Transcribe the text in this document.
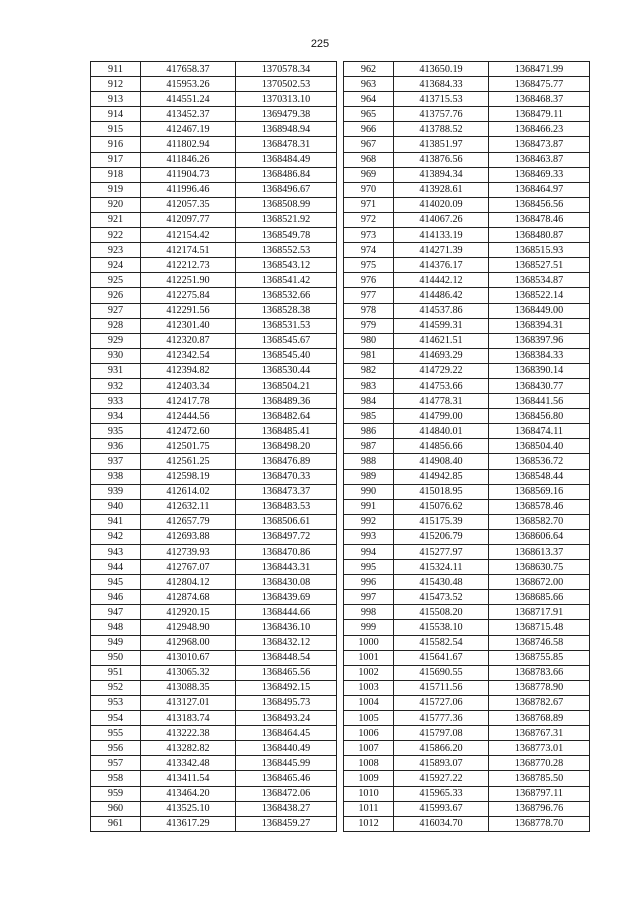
225
911	417658.37	1370578.34
912	415953.26	1370502.53
913	414551.24	1370313.10
914	413452.37	1369479.38
915	412467.19	1368948.94
916	411802.94	1368478.31
917	411846.26	1368484.49
918	411904.73	1368486.84
919	411996.46	1368496.67
920	412057.35	1368508.99
921	412097.77	1368521.92
922	412154.42	1368549.78
923	412174.51	1368552.53
924	412212.73	1368543.12
925	412251.90	1368541.42
926	412275.84	1368532.66
927	412291.56	1368528.38
928	412301.40	1368531.53
929	412320.87	1368545.67
930	412342.54	1368545.40
931	412394.82	1368530.44
932	412403.34	1368504.21
933	412417.78	1368489.36
934	412444.56	1368482.64
935	412472.60	1368485.41
936	412501.75	1368498.20
937	412561.25	1368476.89
938	412598.19	1368470.33
939	412614.02	1368473.37
940	412632.11	1368483.53
941	412657.79	1368506.61
942	412693.88	1368497.72
943	412739.93	1368470.86
944	412767.07	1368443.31
945	412804.12	1368430.08
946	412874.68	1368439.69
947	412920.15	1368444.66
948	412948.90	1368436.10
949	412968.00	1368432.12
950	413010.67	1368448.54
951	413065.32	1368465.56
952	413088.35	1368492.15
953	413127.01	1368495.73
954	413183.74	1368493.24
955	413222.38	1368464.45
956	413282.82	1368440.49
957	413342.48	1368445.99
958	413411.54	1368465.46
959	413464.20	1368472.06
960	413525.10	1368438.27
961	413617.29	1368459.27
962	413650.19	1368471.99
963	413684.33	1368475.77
964	413715.53	1368468.37
965	413757.76	1368479.11
966	413788.52	1368466.23
967	413851.97	1368473.87
968	413876.56	1368463.87
969	413894.34	1368469.33
970	413928.61	1368464.97
971	414020.09	1368456.56
972	414067.26	1368478.46
973	414133.19	1368480.87
974	414271.39	1368515.93
975	414376.17	1368527.51
976	414442.12	1368534.87
977	414486.42	1368522.14
978	414537.86	1368449.00
979	414599.31	1368394.31
980	414621.51	1368397.96
981	414693.29	1368384.33
982	414729.22	1368390.14
983	414753.66	1368430.77
984	414778.31	1368441.56
985	414799.00	1368456.80
986	414840.01	1368474.11
987	414856.66	1368504.40
988	414908.40	1368536.72
989	414942.85	1368548.44
990	415018.95	1368569.16
991	415076.62	1368578.46
992	415175.39	1368582.70
993	415206.79	1368606.64
994	415277.97	1368613.37
995	415324.11	1368630.75
996	415430.48	1368672.00
997	415473.52	1368685.66
998	415508.20	1368717.91
999	415538.10	1368715.48
1000	415582.54	1368746.58
1001	415641.67	1368755.85
1002	415690.55	1368783.66
1003	415711.56	1368778.90
1004	415727.06	1368782.67
1005	415777.36	1368768.89
1006	415797.08	1368767.31
1007	415866.20	1368773.01
1008	415893.07	1368770.28
1009	415927.22	1368785.50
1010	415965.33	1368797.11
1011	415993.67	1368796.76
1012	416034.70	1368778.70
